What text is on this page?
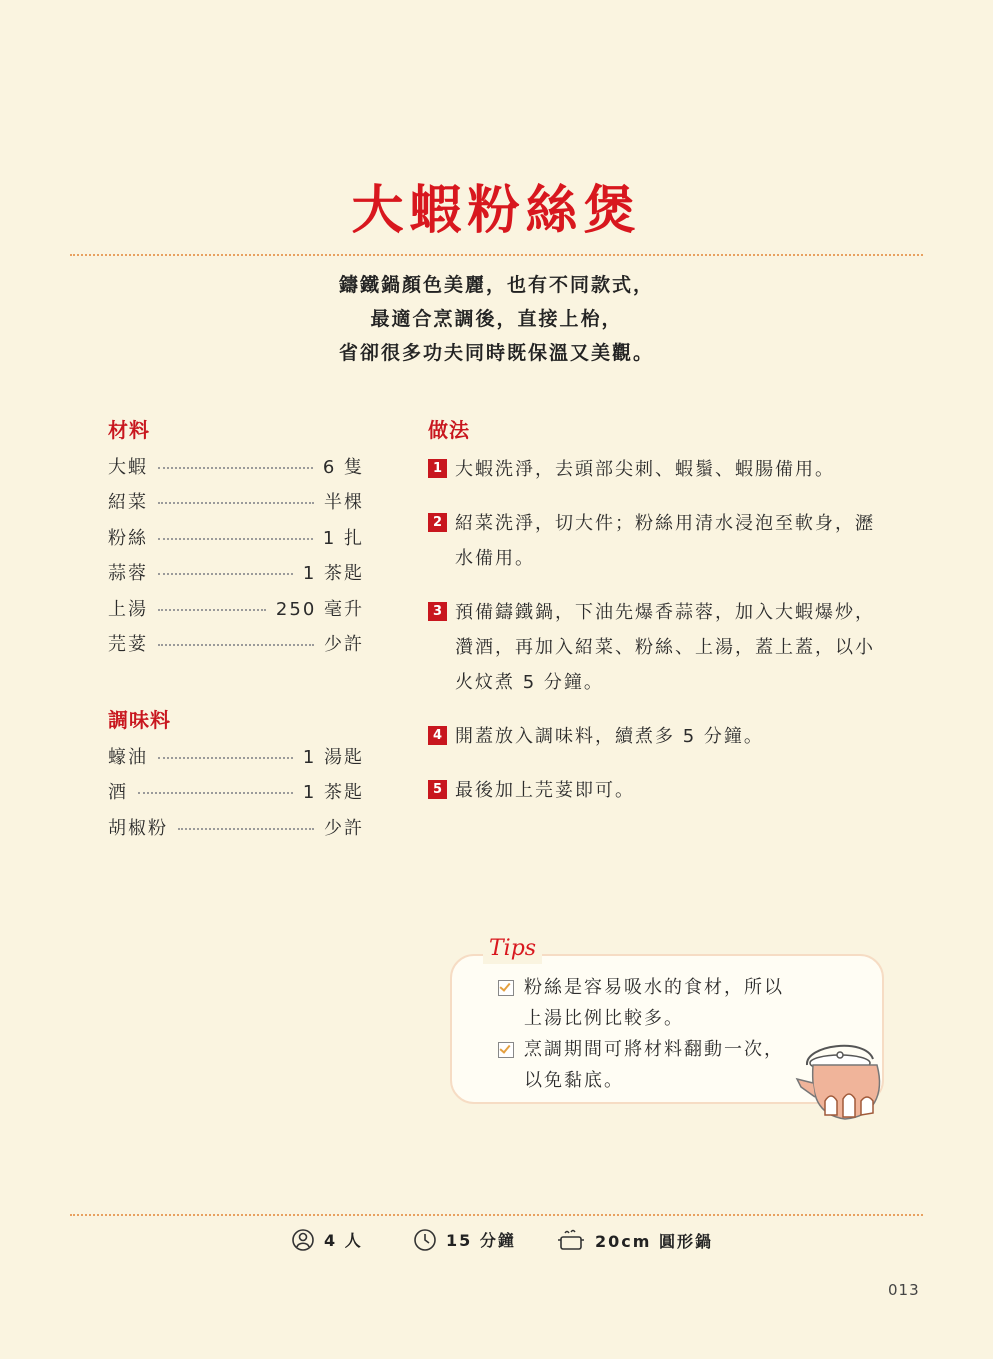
大蝦粉絲煲
鑄鐵鍋顏色美麗，也有不同款式，
最適合烹調後，直接上枱，
省卻很多功夫同時既保溫又美觀。
材料
大蝦	6 隻
紹菜	半棵
粉絲	1 扎
蒜蓉	1 茶匙
上湯	250 毫升
芫荽	少許
調味料
蠔油	1 湯匙
酒	1 茶匙
胡椒粉	少許
做法
1 大蝦洗淨，去頭部尖刺、蝦鬚、蝦腸備用。
2 紹菜洗淨，切大件；粉絲用清水浸泡至軟身，瀝水備用。
3 預備鑄鐵鍋，下油先爆香蒜蓉，加入大蝦爆炒，灒酒，再加入紹菜、粉絲、上湯，蓋上蓋，以小火炆煮 5 分鐘。
4 開蓋放入調味料，續煮多 5 分鐘。
5 最後加上芫荽即可。
Tips
粉絲是容易吸水的食材，所以
上湯比例比較多。
烹調期間可將材料翻動一次，
以免黏底。
4 人	15 分鐘	20cm 圓形鍋
013
